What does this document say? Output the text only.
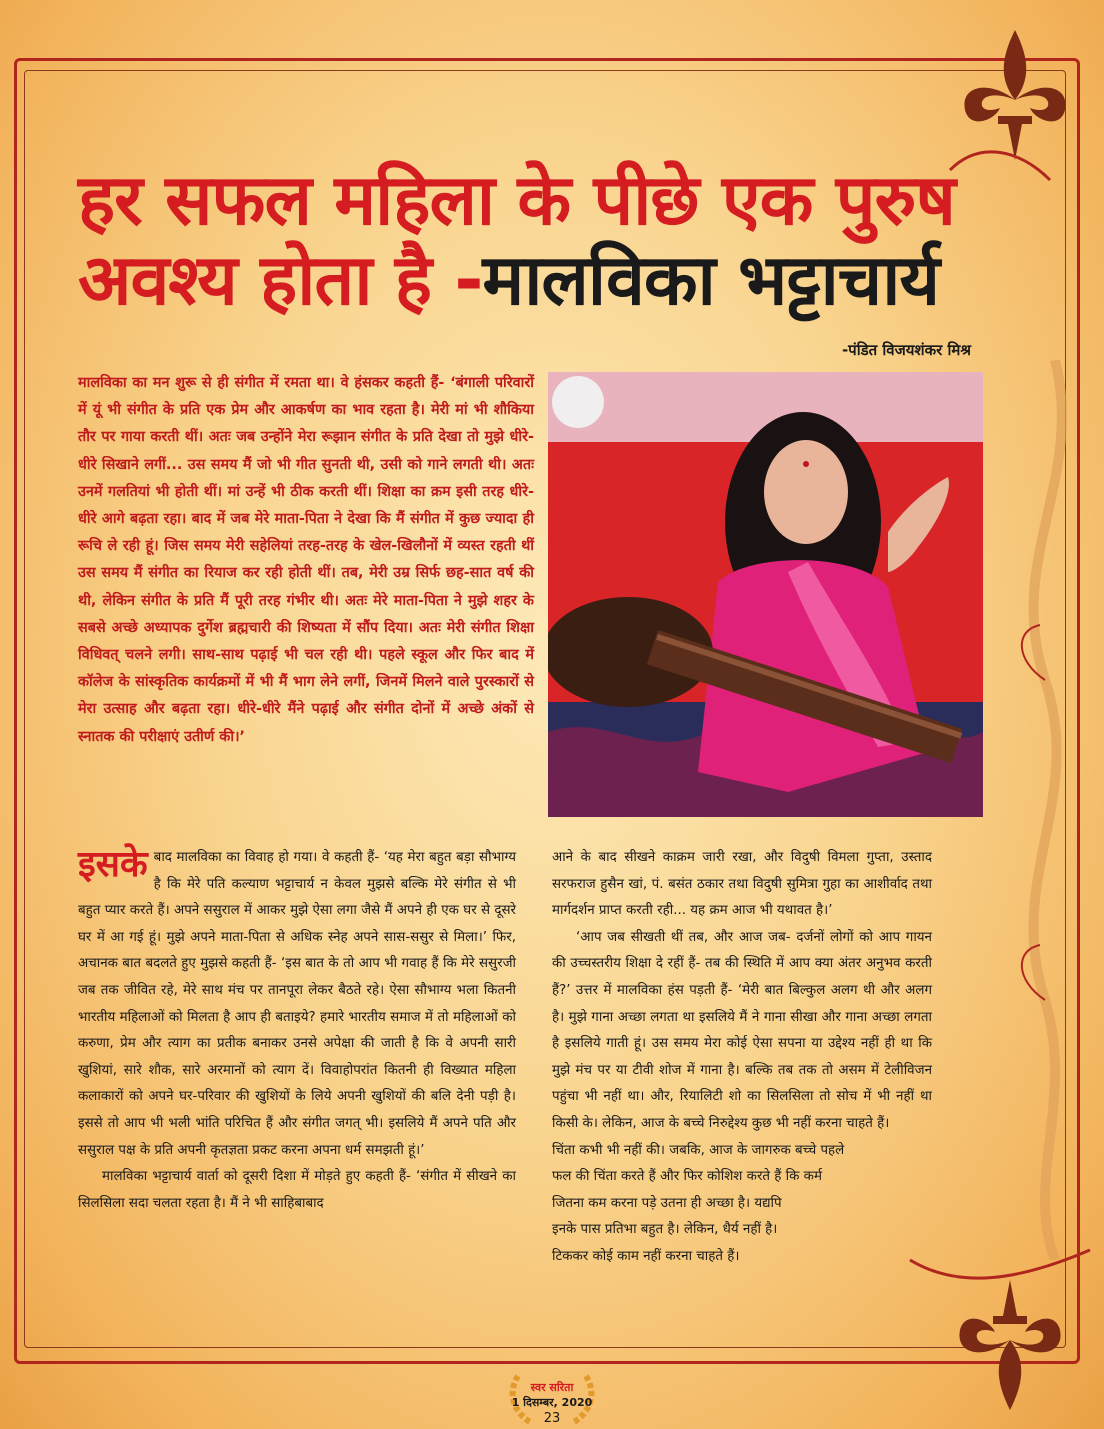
हर सफल महिला के पीछे एक पुरुष
अवश्य होता है -मालविका भट्टाचार्य
-पंडित विजयशंकर मिश्र
मालविका का मन शुरू से ही संगीत में रमता था। वे हंसकर कहती हैं- ‘बंगाली परिवारों में यूं भी संगीत के प्रति एक प्रेम और आकर्षण का भाव रहता है। मेरी मां भी शौकिया तौर पर गाया करती थीं। अतः जब उन्होंने मेरा रूझान संगीत के प्रति देखा तो मुझे धीरे-धीरे सिखाने लगीं... उस समय मैं जो भी गीत सुनती थी, उसी को गाने लगती थी। अतः उनमें गलतियां भी होती थीं। मां उन्हें भी ठीक करती थीं। शिक्षा का क्रम इसी तरह धीरे-धीरे आगे बढ़ता रहा। बाद में जब मेरे माता-पिता ने देखा कि मैं संगीत में कुछ ज्यादा ही रूचि ले रही हूं। जिस समय मेरी सहेलियां तरह-तरह के खेल-खिलौनों में व्यस्त रहती थीं उस समय मैं संगीत का रियाज कर रही होती थीं। तब, मेरी उम्र सिर्फ छह-सात वर्ष की थी, लेकिन संगीत के प्रति मैं पूरी तरह गंभीर थी। अतः मेरे माता-पिता ने मुझे शहर के सबसे अच्छे अध्यापक दुर्गेश ब्रह्मचारी की शिष्यता में सौंप दिया। अतः मेरी संगीत शिक्षा विधिवत् चलने लगी। साथ-साथ पढ़ाई भी चल रही थी। पहले स्कूल और फिर बाद में कॉलेज के सांस्कृतिक कार्यक्रमों में भी मैं भाग लेने लगीं, जिनमें मिलने वाले पुरस्कारों से मेरा उत्साह और बढ़ता रहा। धीरे-धीरे मैंने पढ़ाई और संगीत दोनों में अच्छे अंकों से स्नातक की परीक्षाएं उतीर्ण की।’
इसके बाद मालविका का विवाह हो गया। वे कहती हैं- ‘यह मेरा बहुत बड़ा सौभाग्य है कि मेरे पति कल्याण भट्टाचार्य न केवल मुझसे बल्कि मेरे संगीत से भी बहुत प्यार करते हैं। अपने ससुराल में आकर मुझे ऐसा लगा जैसे मैं अपने ही एक घर से दूसरे घर में आ गई हूं। मुझे अपने माता-पिता से अधिक स्नेह अपने सास-ससुर से मिला।’ फिर, अचानक बात बदलते हुए मुझसे कहती हैं- ‘इस बात के तो आप भी गवाह हैं कि मेरे ससुरजी जब तक जीवित रहे, मेरे साथ मंच पर तानपूरा लेकर बैठते रहे। ऐसा सौभाग्य भला कितनी भारतीय महिलाओं को मिलता है आप ही बताइये? हमारे भारतीय समाज में तो महिलाओं को करुणा, प्रेम और त्याग का प्रतीक बनाकर उनसे अपेक्षा की जाती है कि वे अपनी सारी खुशियां, सारे शौक, सारे अरमानों को त्याग दें। विवाहोपरांत कितनी ही विख्यात महिला कलाकारों को अपने घर-परिवार की खुशियों के लिये अपनी खुशियों की बलि देनी पड़ी है। इससे तो आप भी भली भांति परिचित हैं और संगीत जगत् भी। इसलिये मैं अपने पति और ससुराल पक्ष के प्रति अपनी कृतज्ञता प्रकट करना अपना धर्म समझती हूं।’

मालविका भट्टाचार्य वार्ता को दूसरी दिशा में मोड़ते हुए कहती हैं- ‘संगीत में सीखने का सिलसिला सदा चलता रहता है। मैं ने भी साहिबाबाद

आने के बाद सीखने काक्रम जारी रखा, और विदुषी विमला गुप्ता, उस्ताद सरफराज हुसैन खां, पं. बसंत ठकार तथा विदुषी सुमित्रा गुहा का आशीर्वाद तथा मार्गदर्शन प्राप्त करती रही... यह क्रम आज भी यथावत है।’

‘आप जब सीखती थीं तब, और आज जब- दर्जनों लोगों को आप गायन की उच्चस्तरीय शिक्षा दे रहीं हैं- तब की स्थिति में आप क्या अंतर अनुभव करती हैं?’ उत्तर में मालविका हंस पड़ती हैं- ‘मेरी बात बिल्कुल अलग थी और अलग है। मुझे गाना अच्छा लगता था इसलिये मैं ने गाना सीखा और गाना अच्छा लगता है इसलिये गाती हूं। उस समय मेरा कोई ऐसा सपना या उद्देश्य नहीं ही था कि मुझे मंच पर या टीवी शोज में गाना है। बल्कि तब तक तो असम में टेलीविजन पहुंचा भी नहीं था। और, रियालिटी शो का सिलसिला तो सोच में भी नहीं था किसी के। लेकिन, आज के बच्चे निरुद्देश्य कुछ भी नहीं करना चाहते हैं।

चिंता कभी भी नहीं की। जबकि, आज के जागरुक बच्चे पहले
फल की चिंता करते हैं और फिर कोशिश करते हैं कि कर्म
जितना कम करना पड़े उतना ही अच्छा है। यद्यपि
इनके पास प्रतिभा बहुत है। लेकिन, धैर्य नहीं है।
टिककर कोई काम नहीं करना चाहते हैं।
स्वर सरिता
1 दिसम्बर, 2020
23
